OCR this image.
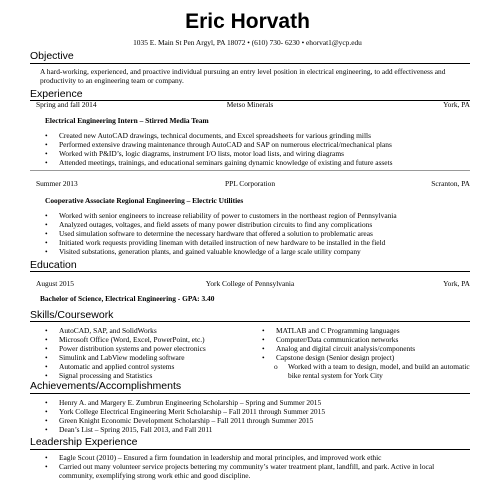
Eric Horvath
1035 E. Main St Pen Argyl, PA 18072 • (610) 730- 6230 • ehorvat1@ycp.edu
Objective
A hard-working, experienced, and proactive individual pursuing an entry level position in electrical engineering, to add effectiveness and productivity to an engineering team or company.
Experience
Spring and fall 2014	Metso Minerals	York, PA
Electrical Engineering Intern – Stirred Media Team
• Created new AutoCAD drawings, technical documents, and Excel spreadsheets for various grinding mills
• Performed extensive drawing maintenance through AutoCAD and SAP on numerous electrical/mechanical plans
• Worked with P&ID’s, logic diagrams, instrument I/O lists, motor load lists, and wiring diagrams
• Attended meetings, trainings, and educational seminars gaining dynamic knowledge of existing and future assets
Summer 2013	PPL Corporation	Scranton, PA
Cooperative Associate Regional Engineering – Electric Utilities
• Worked with senior engineers to increase reliability of power to customers in the northeast region of Pennsylvania
• Analyzed outages, voltages, and field assets of many power distribution circuits to find any complications
• Used simulation software to determine the necessary hardware that offered a solution to problematic areas
• Initiated work requests providing lineman with detailed instruction of new hardware to be installed in the field
• Visited substations, generation plants, and gained valuable knowledge of a large scale utility company
Education
August 2015	York College of Pennsylvania	York, PA
Bachelor of Science, Electrical Engineering - GPA: 3.40
Skills/Coursework
• AutoCAD, SAP, and SolidWorks
• Microsoft Office (Word, Excel, PowerPoint, etc.)
• Power distribution systems and power electronics
• Simulink and LabView modeling software
• Automatic and applied control systems
• Signal processing and Statistics
• MATLAB and C Programming languages
• Computer/Data communication networks
• Analog and digital circuit analysis/components
• Capstone design (Senior design project)
o Worked with a team to design, model, and build an automatic bike rental system for York City
Achievements/Accomplishments
• Henry A. and Margery E. Zumbrun Engineering Scholarship – Spring and Summer 2015
• York College Electrical Engineering Merit Scholarship – Fall 2011 through Summer 2015
• Green Knight Economic Development Scholarship – Fall 2011 through Summer 2015
• Dean’s List – Spring 2015, Fall 2013, and Fall 2011
Leadership Experience
• Eagle Scout (2010) – Ensured a firm foundation in leadership and moral principles, and improved work ethic
• Carried out many volunteer service projects bettering my community’s water treatment plant, landfill, and park. Active in local community, exemplifying strong work ethic and good discipline.
